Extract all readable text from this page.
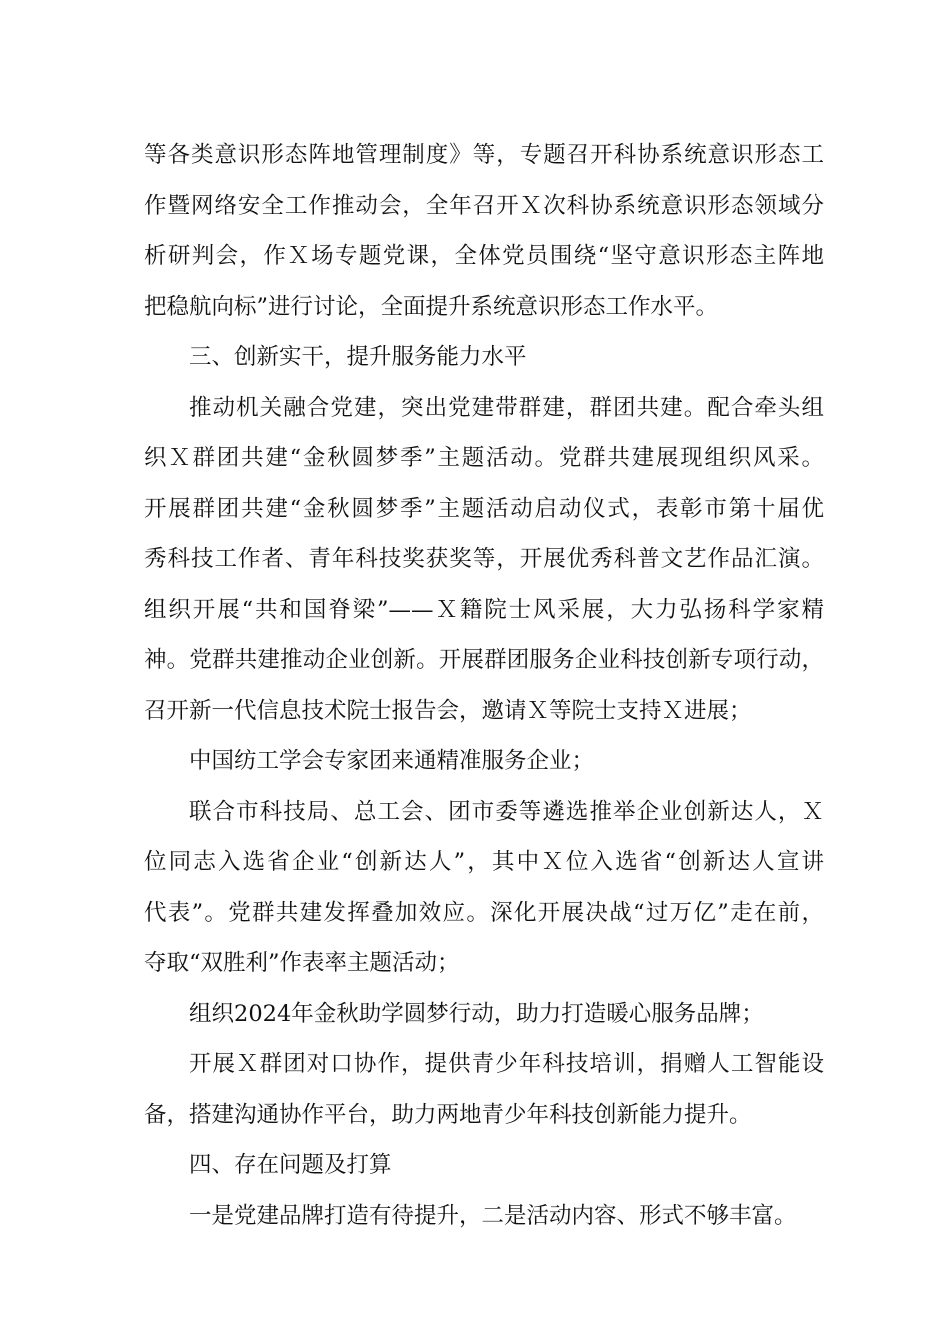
等各类意识形态阵地管理制度》等，专题召开科协系统意识形态工
作暨网络安全工作推动会，全年召开Ｘ次科协系统意识形态领域分
析研判会，作Ｘ场专题党课，全体党员围绕“坚守意识形态主阵地
把稳航向标”进行讨论，全面提升系统意识形态工作水平。
三、创新实干，提升服务能力水平
推动机关融合党建，突出党建带群建，群团共建。配合牵头组
织Ｘ群团共建“金秋圆梦季”主题活动。党群共建展现组织风采。
开展群团共建“金秋圆梦季”主题活动启动仪式，表彰市第十届优
秀科技工作者、青年科技奖获奖等，开展优秀科普文艺作品汇演。
组织开展“共和国脊梁”——Ｘ籍院士风采展，大力弘扬科学家精
神。党群共建推动企业创新。开展群团服务企业科技创新专项行动，
召开新一代信息技术院士报告会，邀请Ｘ等院士支持Ｘ进展；
中国纺工学会专家团来通精准服务企业；
联合市科技局、总工会、团市委等遴选推举企业创新达人，Ｘ
位同志入选省企业“创新达人”，其中Ｘ位入选省“创新达人宣讲
代表”。党群共建发挥叠加效应。深化开展决战“过万亿”走在前，
夺取“双胜利”作表率主题活动；
组织2024年金秋助学圆梦行动，助力打造暖心服务品牌；
开展Ｘ群团对口协作，提供青少年科技培训，捐赠人工智能设
备，搭建沟通协作平台，助力两地青少年科技创新能力提升。
四、存在问题及打算
一是党建品牌打造有待提升，二是活动内容、形式不够丰富。
